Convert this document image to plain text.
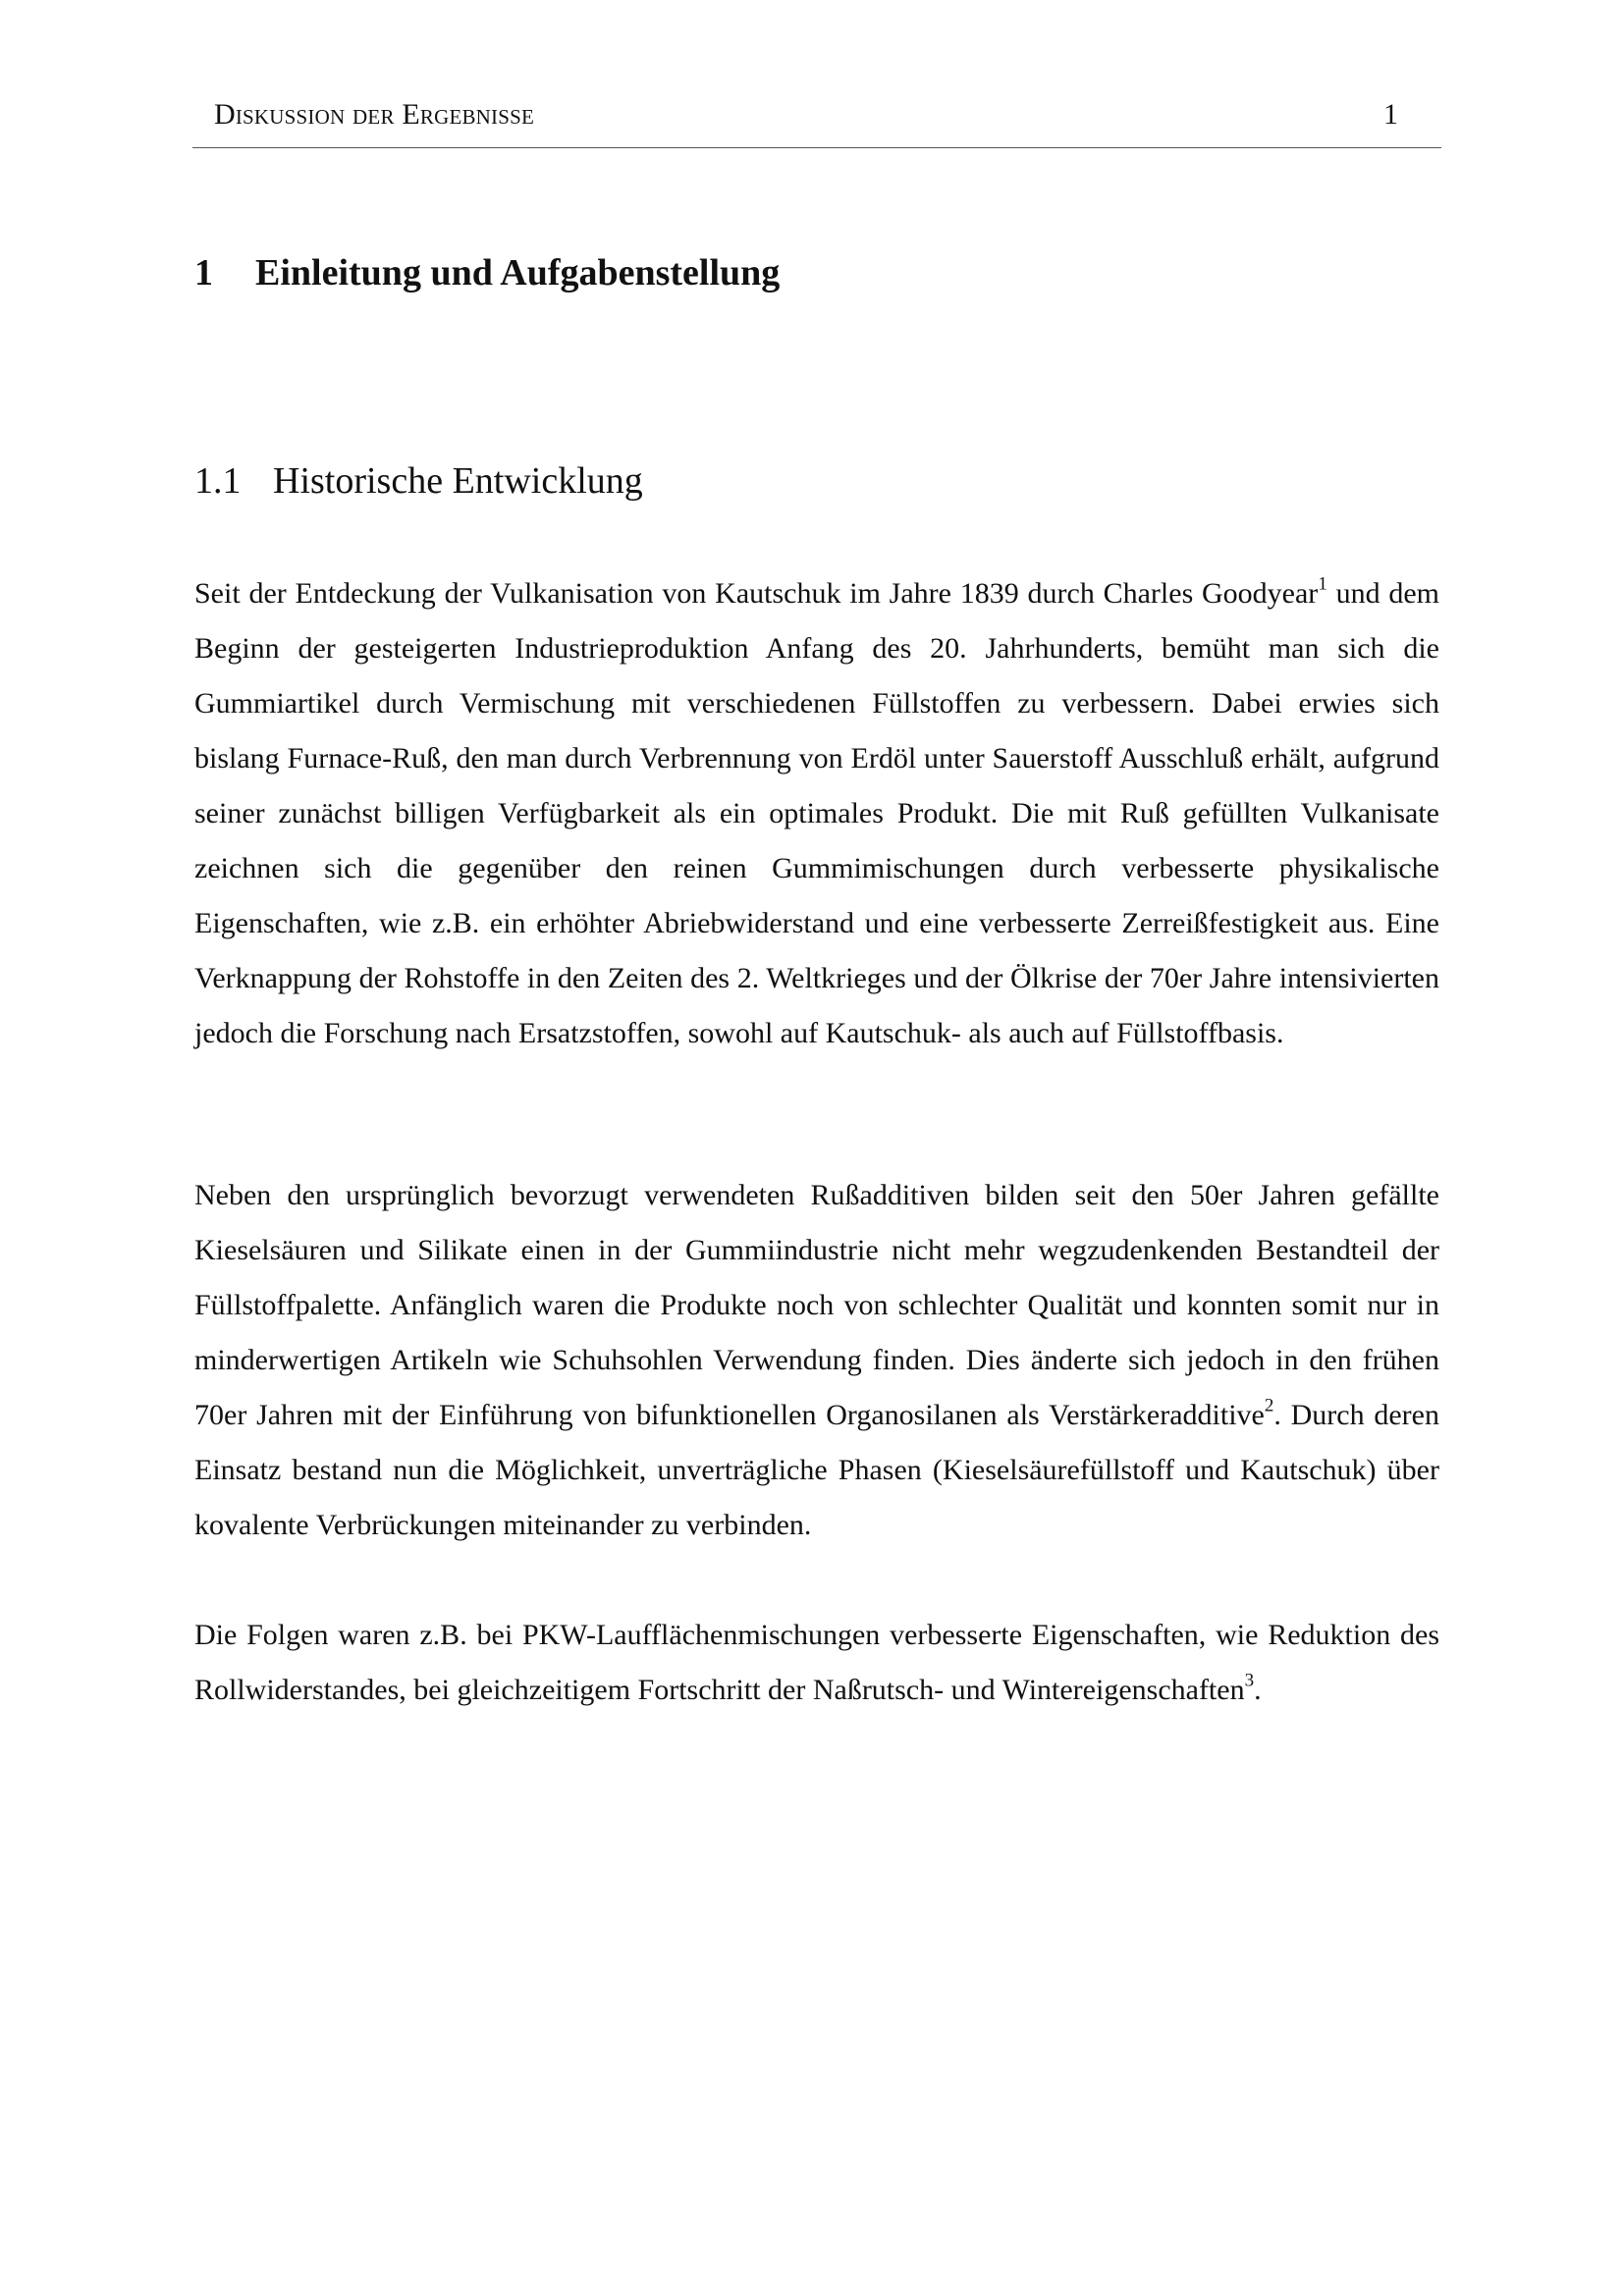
Diskussion der Ergebnisse	1
1 Einleitung und Aufgabenstellung
1.1 Historische Entwicklung

Seit der Entdeckung der Vulkanisation von Kautschuk im Jahre 1839 durch Charles Goodyear$^1$ und dem Beginn der gesteigerten Industrieproduktion Anfang des 20. Jahrhunderts, bemüht man sich die Gummiartikel durch Vermischung mit verschiedenen Füllstoffen zu verbessern. Dabei erwies sich bislang Furnace-Ruß, den man durch Verbrennung von Erdöl unter Sauerstoff Ausschluß erhält, aufgrund seiner zunächst billigen Verfügbarkeit als ein optimales Produkt. Die mit Ruß gefüllten Vulkanisate zeichnen sich die gegenüber den reinen Gummimischungen durch verbesserte physikalische Eigenschaften, wie z.B. ein erhöhter Abriebwiderstand und eine verbesserte Zerreißfestigkeit aus. Eine Verknappung der Rohstoffe in den Zeiten des 2. Weltkrieges und der Ölkrise der 70er Jahre intensivierten jedoch die Forschung nach Ersatzstoffen, sowohl auf Kautschuk- als auch auf Füllstoffbasis.

Neben den ursprünglich bevorzugt verwendeten Rußadditiven bilden seit den 50er Jahren gefällte Kieselsäuren und Silikate einen in der Gummiindustrie nicht mehr wegzudenkenden Bestandteil der Füllstoffpalette. Anfänglich waren die Produkte noch von schlechter Qualität und konnten somit nur in minderwertigen Artikeln wie Schuhsohlen Verwendung finden. Dies änderte sich jedoch in den frühen 70er Jahren mit der Einführung von bifunktionellen Organosilanen als Verstärkeradditive$^2$. Durch deren Einsatz bestand nun die Möglichkeit, unverträgliche Phasen (Kieselsäurefüllstoff und Kautschuk) über kovalente Verbrückungen miteinander zu verbinden.

Die Folgen waren z.B. bei PKW-Laufflächenmischungen verbesserte Eigenschaften, wie Reduktion des Rollwiderstandes, bei gleichzeitigem Fortschritt der Naßrutsch- und Wintereigenschaften$^3$.
